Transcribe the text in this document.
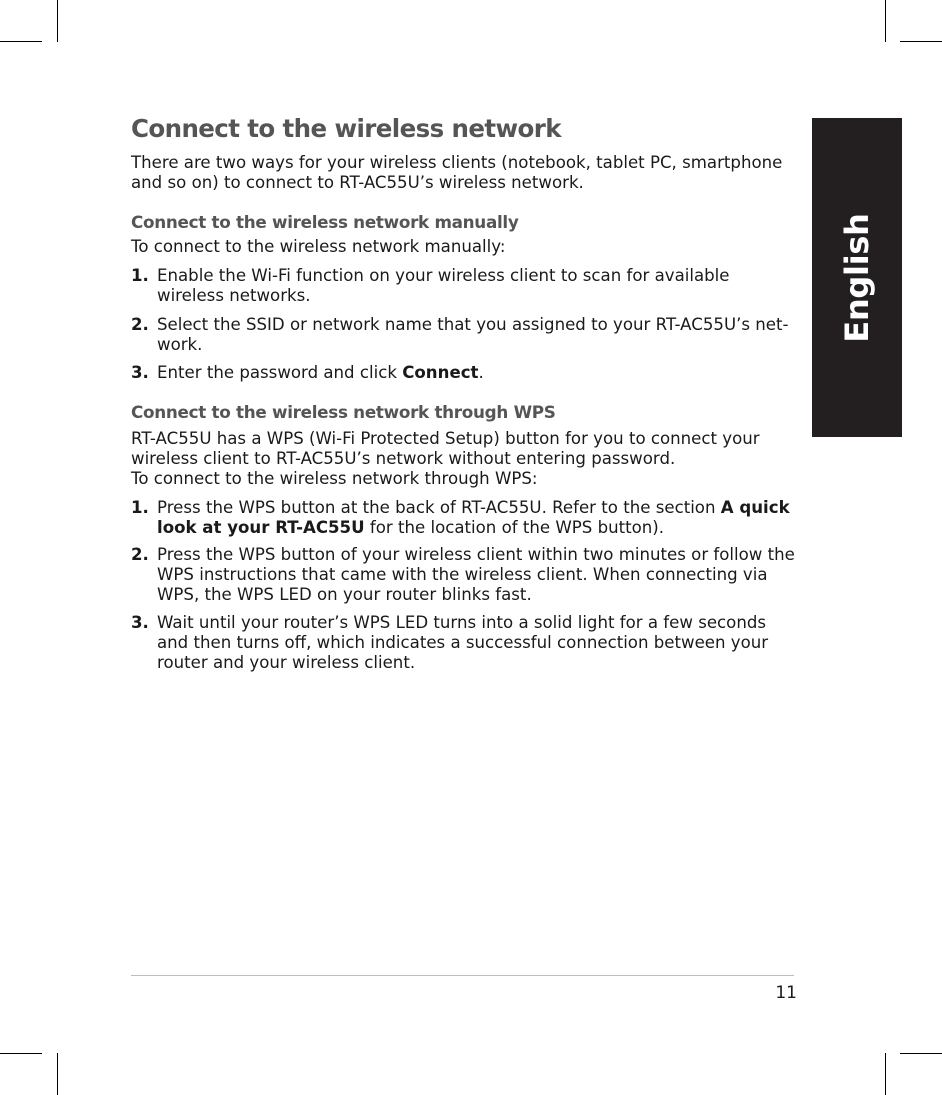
Connect to the wireless network

There are two ways for your wireless clients (notebook, tablet PC, smartphone and so on) to connect to RT-AC55U’s wireless network.

Connect to the wireless network manually

To connect to the wireless network manually:

1. Enable the Wi-Fi function on your wireless client to scan for available wireless networks.
2. Select the SSID or network name that you assigned to your RT-AC55U’s net-work.
3. Enter the password and click Connect.
Connect to the wireless network through WPS

RT-AC55U has a WPS (Wi-Fi Protected Setup) button for you to connect your wireless client to RT-AC55U’s network without entering password.

To connect to the wireless network through WPS:

1. Press the WPS button at the back of RT-AC55U. Refer to the section A quick look at your RT-AC55U for the location of the WPS button).
2. Press the WPS button of your wireless client within two minutes or follow the WPS instructions that came with the wireless client. When connecting via WPS, the WPS LED on your router blinks fast.
3. Wait until your router’s WPS LED turns into a solid light for a few seconds and then turns off, which indicates a successful connection between your router and your wireless client.
English
11
